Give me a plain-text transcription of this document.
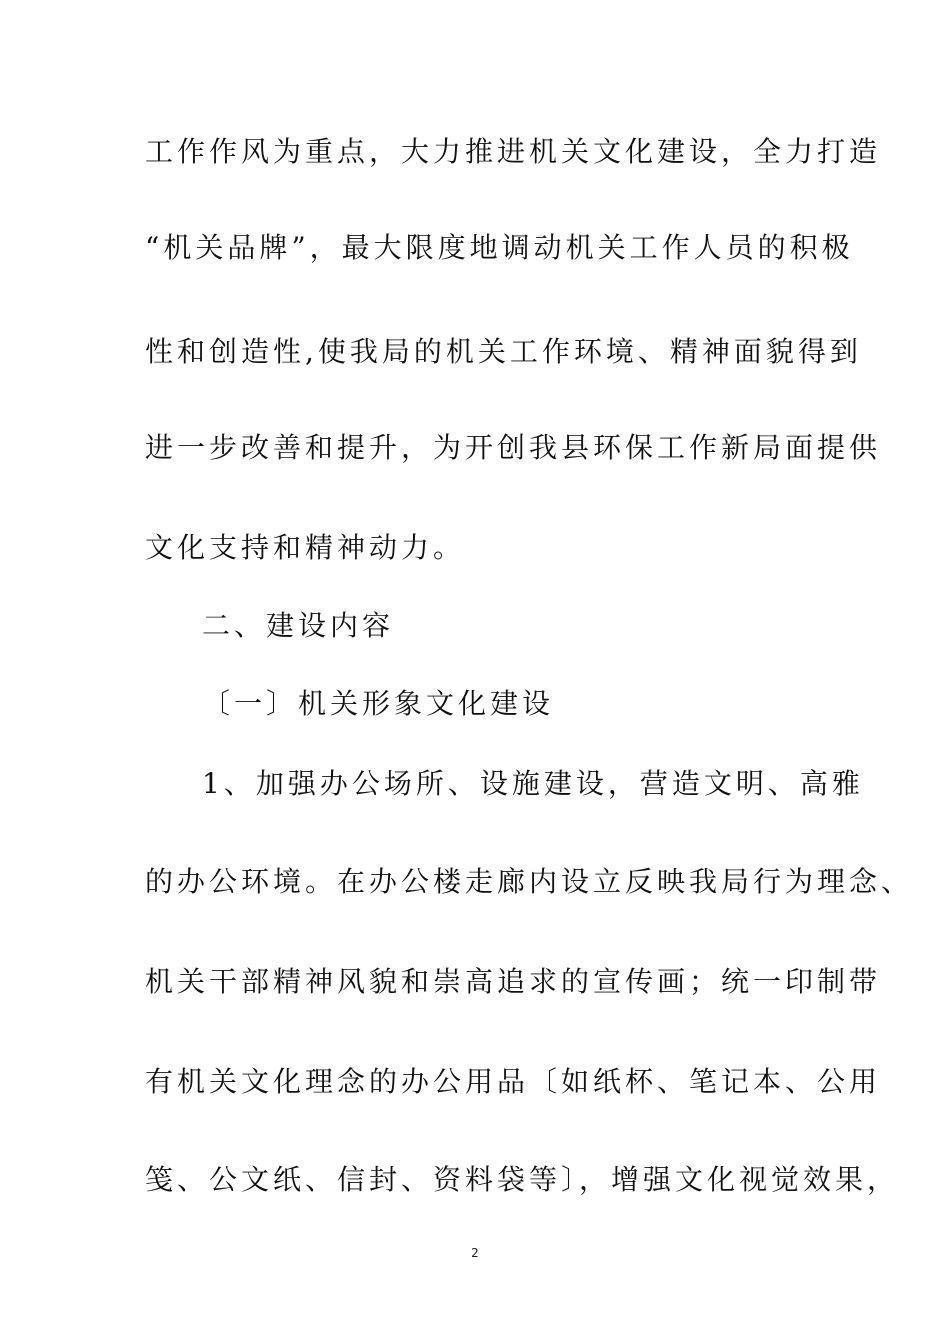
工作作风为重点，大力推进机关文化建设，全力打造
“机关品牌”，最大限度地调动机关工作人员的积极
性和创造性,使我局的机关工作环境、精神面貌得到
进一步改善和提升，为开创我县环保工作新局面提供
文化支持和精神动力。
二、建设内容
〔一〕机关形象文化建设
1、加强办公场所、设施建设，营造文明、高雅
的办公环境。在办公楼走廊内设立反映我局行为理念、
机关干部精神风貌和崇高追求的宣传画；统一印制带
有机关文化理念的办公用品〔如纸杯、笔记本、公用
笺、公文纸、信封、资料袋等〕，增强文化视觉效果，
2
